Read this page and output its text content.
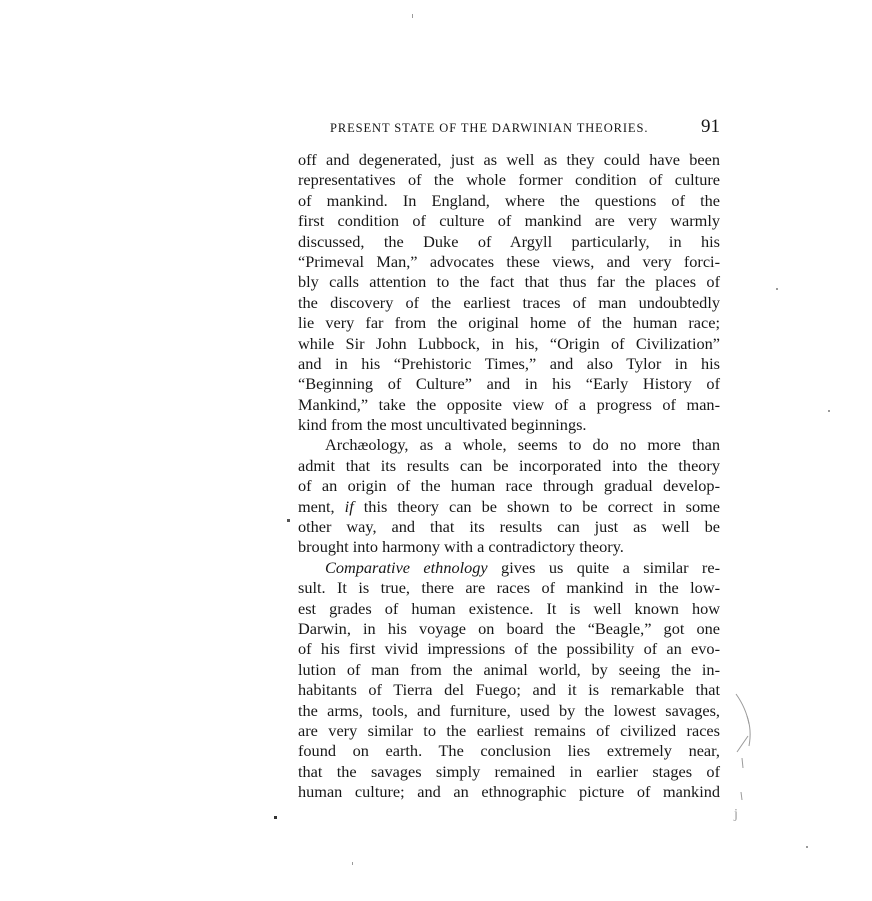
PRESENT STATE OF THE DARWINIAN THEORIES.	91
off and degenerated, just as well as they could have been
representatives of the whole former condition of culture
of mankind. In England, where the questions of the
first condition of culture of mankind are very warmly
discussed, the Duke of Argyll particularly, in his
“Primeval Man,” advocates these views, and very forci-
bly calls attention to the fact that thus far the places of
the discovery of the earliest traces of man undoubtedly
lie very far from the original home of the human race;
while Sir John Lubbock, in his, “Origin of Civilization”
and in his “Prehistoric Times,” and also Tylor in his
“Beginning of Culture” and in his “Early History of
Mankind,” take the opposite view of a progress of man-
kind from the most uncultivated beginnings.
Archæology, as a whole, seems to do no more than
admit that its results can be incorporated into the theory
of an origin of the human race through gradual develop-
ment, if this theory can be shown to be correct in some
other way, and that its results can just as well be
brought into harmony with a contradictory theory.
Comparative ethnology gives us quite a similar re-
sult. It is true, there are races of mankind in the low-
est grades of human existence. It is well known how
Darwin, in his voyage on board the “Beagle,” got one
of his first vivid impressions of the possibility of an evo-
lution of man from the animal world, by seeing the in-
habitants of Tierra del Fuego; and it is remarkable that
the arms, tools, and furniture, used by the lowest savages,
are very similar to the earliest remains of civilized races
found on earth. The conclusion lies extremely near,
that the savages simply remained in earlier stages of
human culture; and an ethnographic picture of mankind
j
